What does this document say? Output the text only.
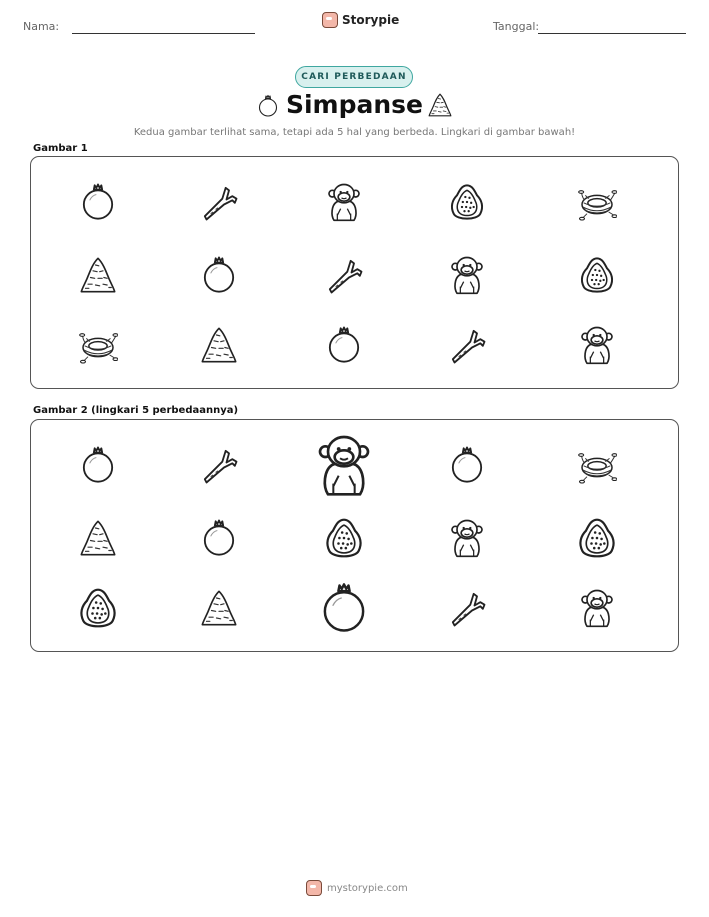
Nama:	Storypie	Tanggal:
CARI PERBEDAAN
Simpanse
Kedua gambar terlihat sama, tetapi ada 5 hal yang berbeda. Lingkari di gambar bawah!
Gambar 1
Gambar 2 (lingkari 5 perbedaannya)
mystorypie.com
